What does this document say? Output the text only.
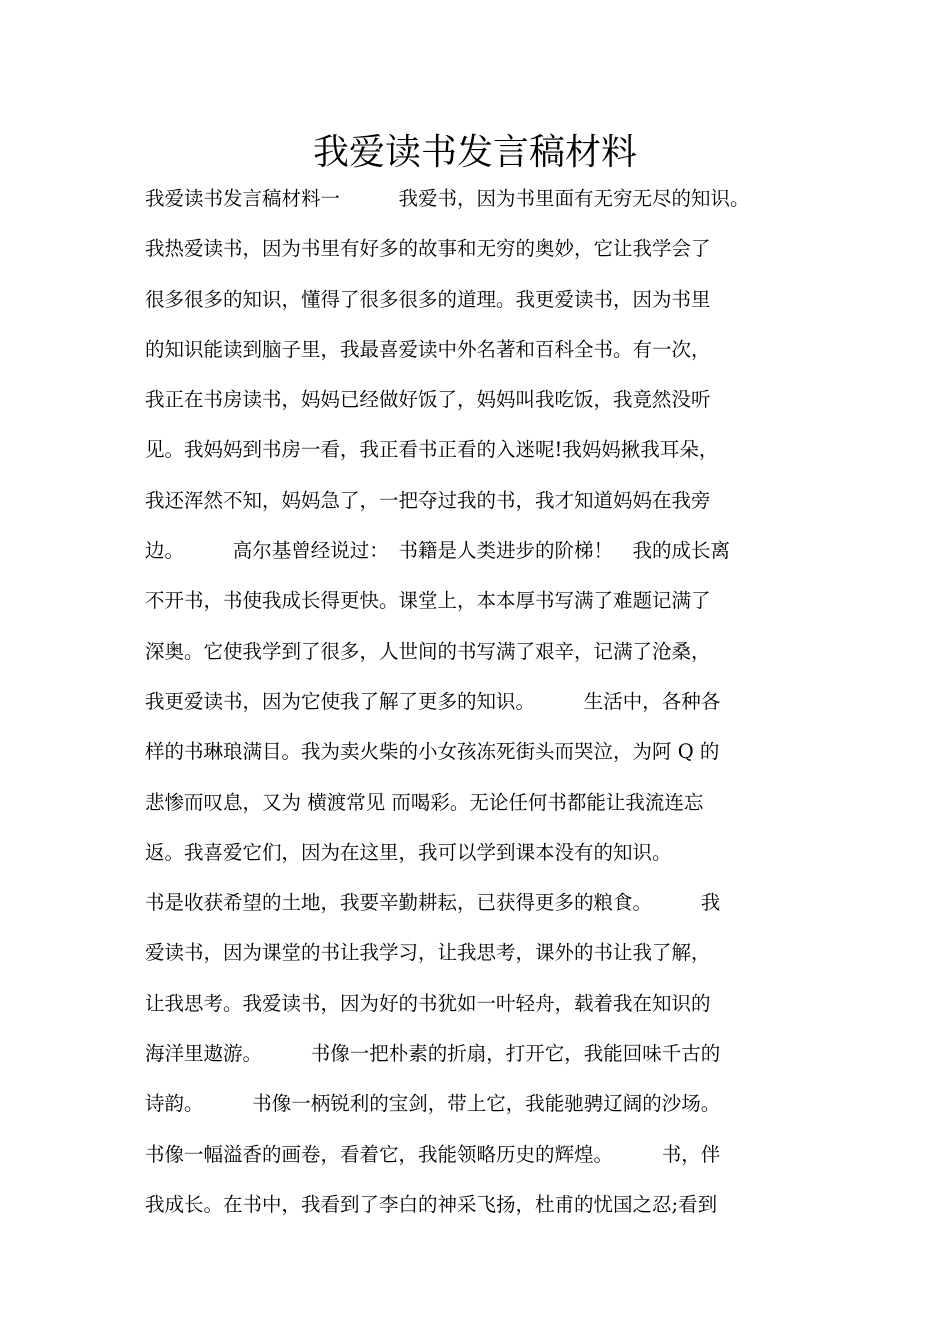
我爱读书发言稿材料
我爱读书发言稿材料一　　　我爱书，因为书里面有无穷无尽的知识。
我热爱读书，因为书里有好多的故事和无穷的奥妙，它让我学会了
很多很多的知识，懂得了很多很多的道理。我更爱读书，因为书里
的知识能读到脑子里，我最喜爱读中外名著和百科全书。有一次，
我正在书房读书，妈妈已经做好饭了，妈妈叫我吃饭，我竟然没听
见。我妈妈到书房一看，我正看书正看的入迷呢!我妈妈揪我耳朵，
我还浑然不知，妈妈急了，一把夺过我的书，我才知道妈妈在我旁
边。　　　高尔基曾经说过：　书籍是人类进步的阶梯！　我的成长离
不开书，书使我成长得更快。课堂上，本本厚书写满了难题记满了
深奥。它使我学到了很多，人世间的书写满了艰辛，记满了沧桑，
我更爱读书，因为它使我了解了更多的知识。　　　生活中，各种各
样的书琳琅满目。我为卖火柴的小女孩冻死街头而哭泣，为阿 Q 的
悲惨而叹息，又为 横渡常见 而喝彩。无论任何书都能让我流连忘
返。我喜爱它们，因为在这里，我可以学到课本没有的知识。
书是收获希望的土地，我要辛勤耕耘，已获得更多的粮食。　　　我
爱读书，因为课堂的书让我学习，让我思考，课外的书让我了解，
让我思考。我爱读书，因为好的书犹如一叶轻舟，载着我在知识的
海洋里遨游。　　　书像一把朴素的折扇，打开它，我能回味千古的
诗韵。　　　书像一柄锐利的宝剑，带上它，我能驰骋辽阔的沙场。
书像一幅溢香的画卷，看着它，我能领略历史的辉煌。　　　书，伴
我成长。在书中，我看到了李白的神采飞扬，杜甫的忧国之忍;看到
